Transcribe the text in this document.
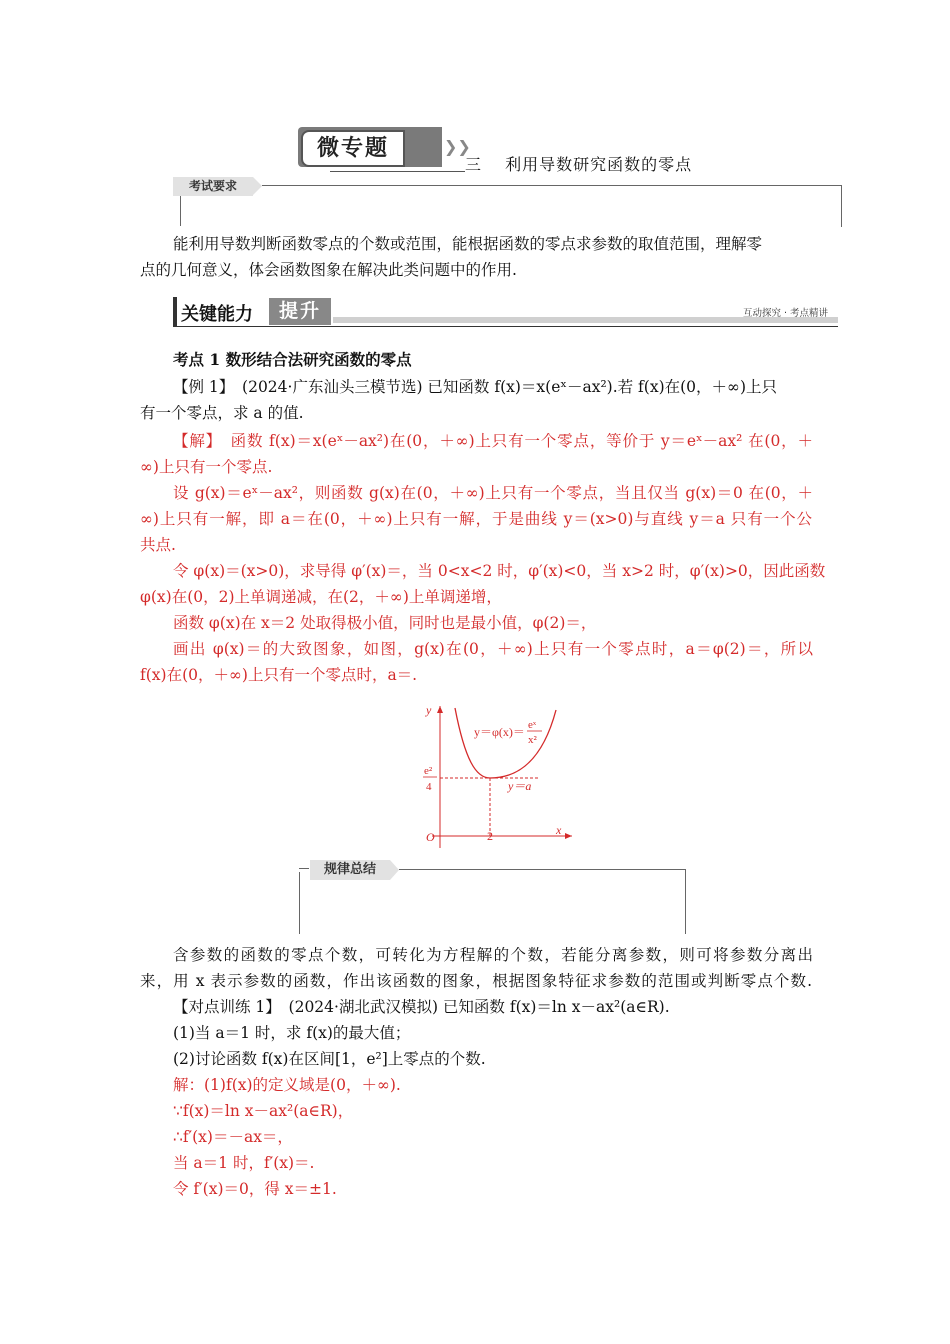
微专题	❯❯
三　 利用导数研究函数的零点
考试要求
能利用导数判断函数零点的个数或范围，能根据函数的零点求参数的取值范围，理解零
点的几何意义，体会函数图象在解决此类问题中的作用.
关键能力	提升	互动探究 · 考点精讲
考点 1 数形结合法研究函数的零点
【例 1】　(2024·广东汕头三模节选) 已知函数 f(x)＝x(eˣ－ax²).若 f(x)在(0，＋∞)上只
有一个零点，求 a 的值.
【解】　函数 f(x)＝x(eˣ－ax²)在(0，＋∞)上只有一个零点，等价于 y＝eˣ－ax² 在(0，＋
∞)上只有一个零点.
设 g(x)＝eˣ－ax²，则函数 g(x)在(0，＋∞)上只有一个零点，当且仅当 g(x)＝0 在(0，＋
∞)上只有一解，即 a＝在(0，＋∞)上只有一解，于是曲线 y＝(x>0)与直线 y＝a 只有一个公
共点.
令 φ(x)＝(x>0)，求导得 φ′(x)＝，当 0<x<2 时，φ′(x)<0，当 x>2 时，φ′(x)>0，因此函数
φ(x)在(0，2)上单调递减，在(2，＋∞)上单调递增，
函数 φ(x)在 x＝2 处取得极小值，同时也是最小值，φ(2)＝，
画出 φ(x)＝的大致图象，如图，g(x)在(0，＋∞)上只有一个零点时，a＝φ(2)＝，所以
f(x)在(0，＋∞)上只有一个零点时，a＝.
y
x
O
y＝φ(x)＝ eˣ
x²
e²
4
2
y＝a
规律总结
含参数的函数的零点个数，可转化为方程解的个数，若能分离参数，则可将参数分离出
来，用 x 表示参数的函数，作出该函数的图象，根据图象特征求参数的范围或判断零点个数.
【对点训练 1】　(2024·湖北武汉模拟) 已知函数 f(x)＝ln x－ax²(a∈R).
(1)当 a＝1 时，求 f(x)的最大值；
(2)讨论函数 f(x)在区间[1，e²]上零点的个数.
解：(1)f(x)的定义域是(0，＋∞).
∵f(x)＝ln x－ax²(a∈R)，
∴f′(x)＝－ax＝，
当 a＝1 时，f′(x)＝.
令 f′(x)＝0，得 x＝±1.
